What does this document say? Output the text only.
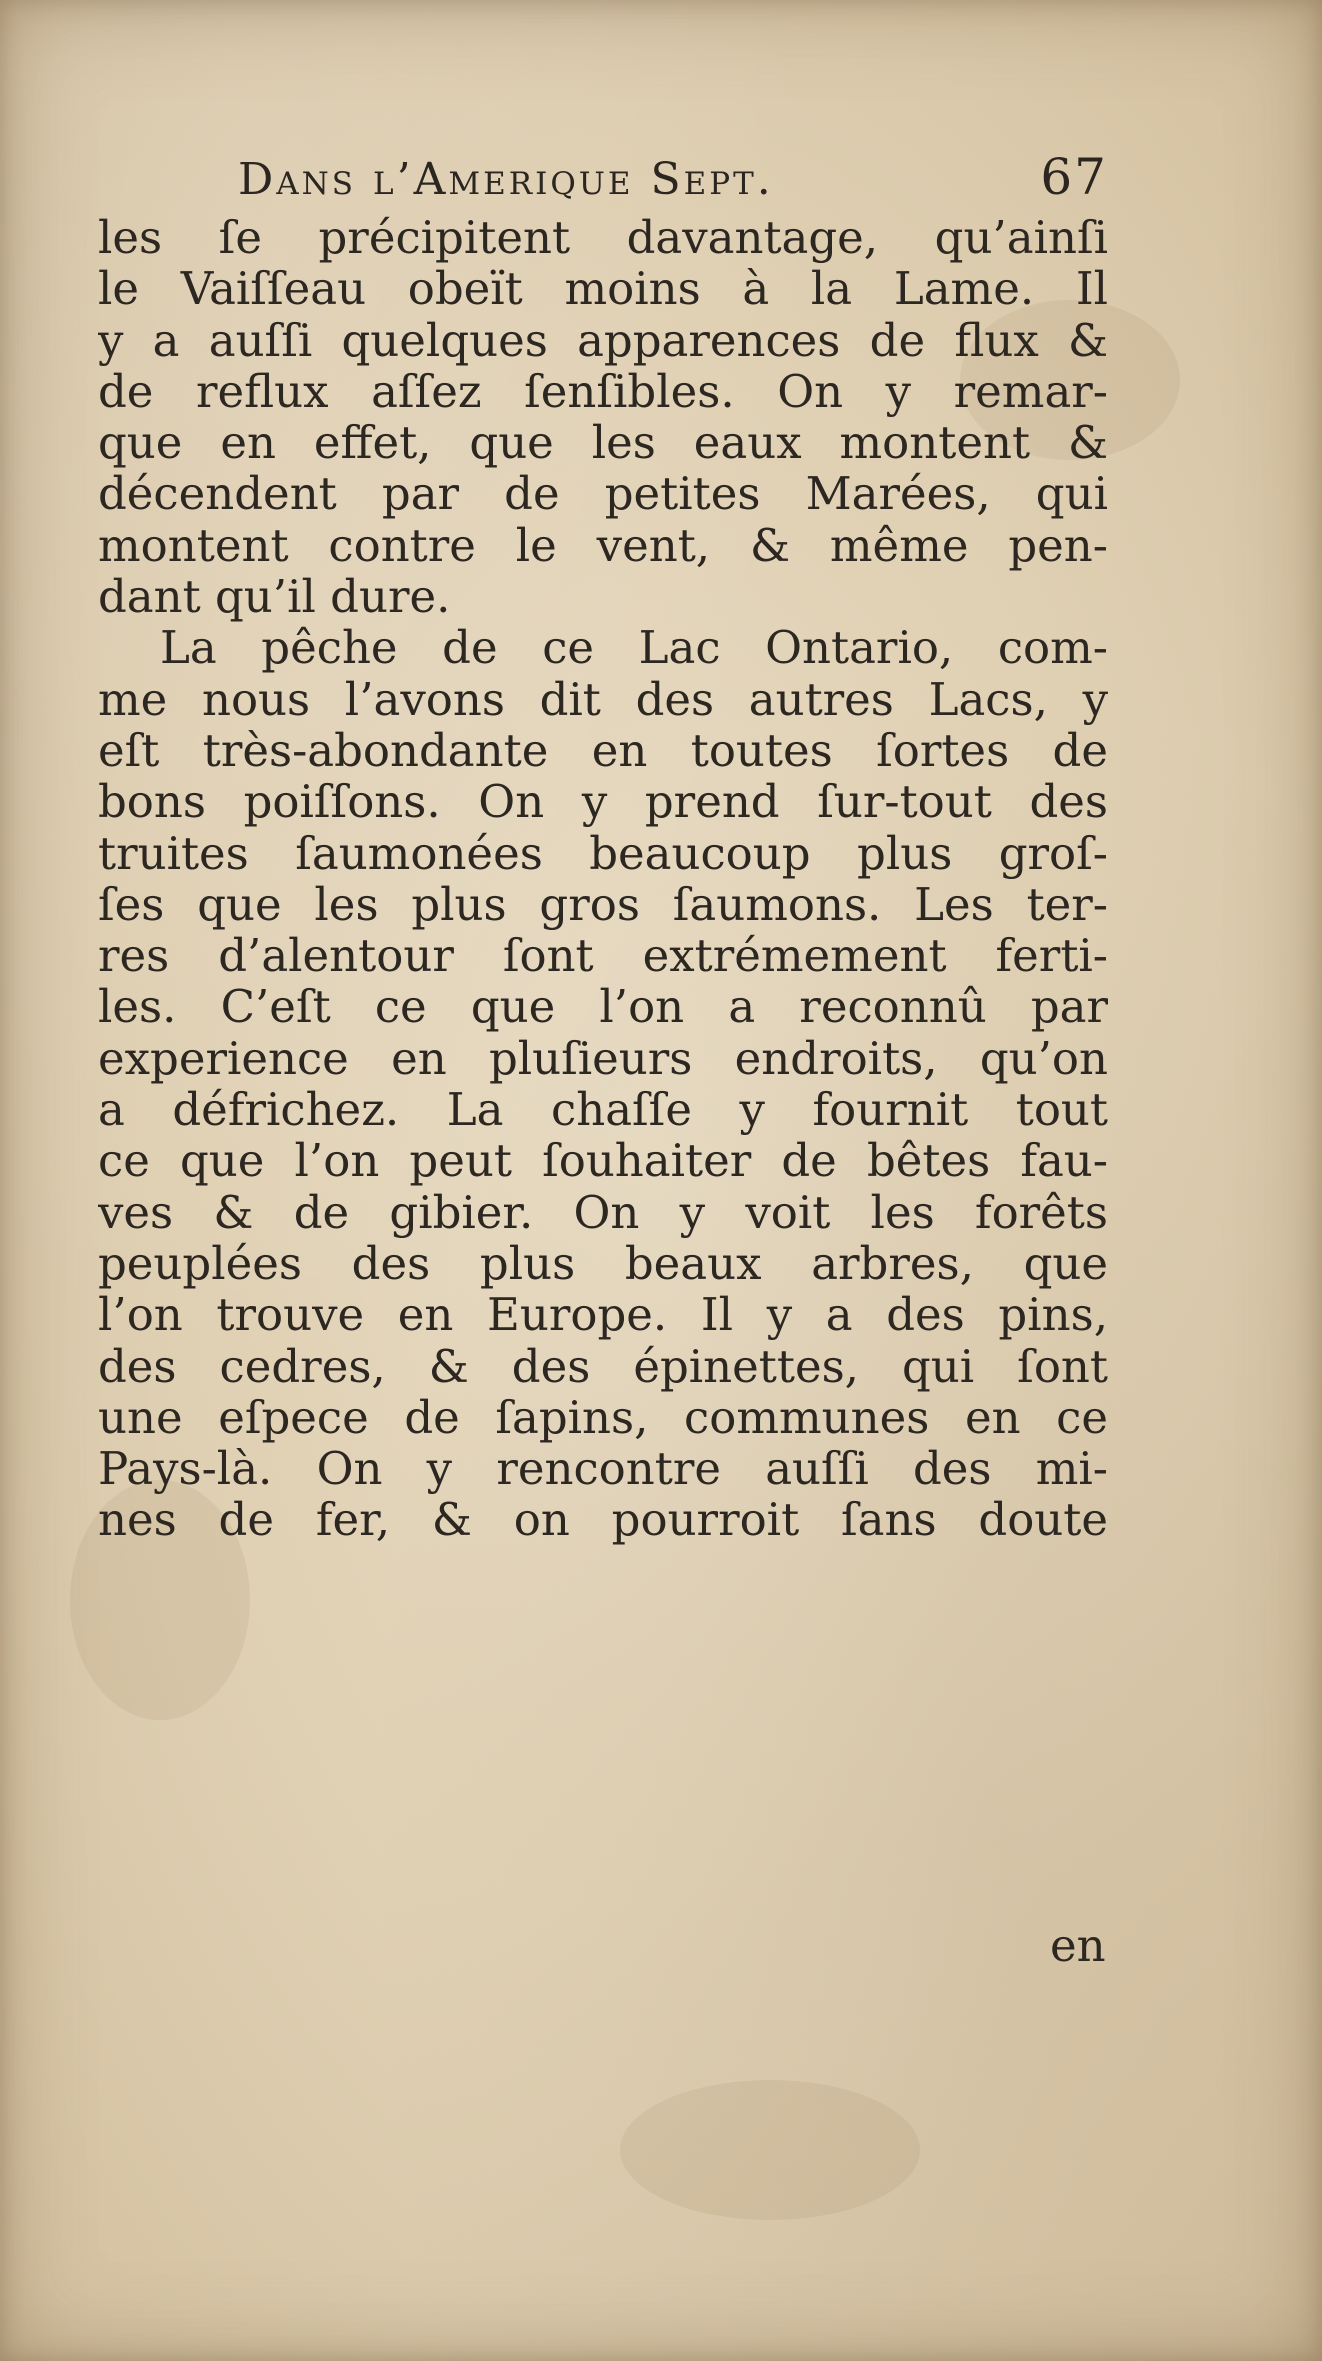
Dans l’Amerique Sept.	67
les ſe précipitent davantage, qu’ainſi
le Vaiſſeau obeït moins à la Lame. Il
y a auſſi quelques apparences de flux &
de reflux aſſez ſenſibles. On y remar-
que en effet, que les eaux montent &
décendent par de petites Marées, qui
montent contre le vent, & même pen-
dant qu’il dure.
La pêche de ce Lac Ontario, com-
me nous l’avons dit des autres Lacs, y
eſt très-abondante en toutes ſortes de
bons poiſſons. On y prend ſur-tout des
truites ſaumonées beaucoup plus groſ-
ſes que les plus gros ſaumons. Les ter-
res d’alentour ſont extrémement ferti-
les. C’eſt ce que l’on a reconnû par
experience en pluſieurs endroits, qu’on
a défrichez. La chaſſe y fournit tout
ce que l’on peut ſouhaiter de bêtes fau-
ves & de gibier. On y voit les forêts
peuplées des plus beaux arbres, que
l’on trouve en Europe. Il y a des pins,
des cedres, & des épinettes, qui ſont
une eſpece de ſapins, communes en ce
Pays-là. On y rencontre auſſi des mi-
nes de fer, & on pourroit ſans doute
en
